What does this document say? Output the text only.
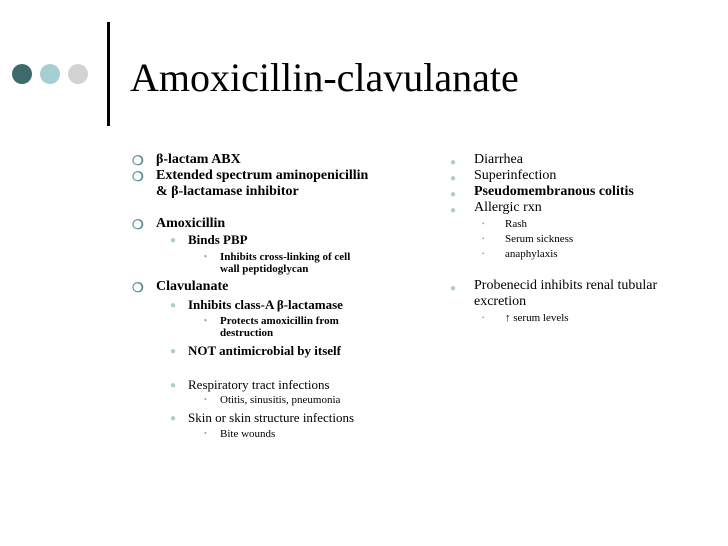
Amoxicillin-clavulanate
❍ β-lactam ABX
❍ Extended spectrum aminopenicillin
& β-lactamase inhibitor
❍ Amoxicillin
● Binds PBP
• Inhibits cross-linking of cell
wall peptidoglycan
❍ Clavulanate
● Inhibits class-A β-lactamase
• Protects amoxicillin from
destruction
● NOT antimicrobial by itself
● Respiratory tract infections
• Otitis, sinusitis, pneumonia
● Skin or skin structure infections
• Bite wounds
● Diarrhea
● Superinfection
● Pseudomembranous colitis
● Allergic rxn
• Rash
• Serum sickness
• anaphylaxis
● Probenecid inhibits renal tubular
excretion
• ↑ serum levels
